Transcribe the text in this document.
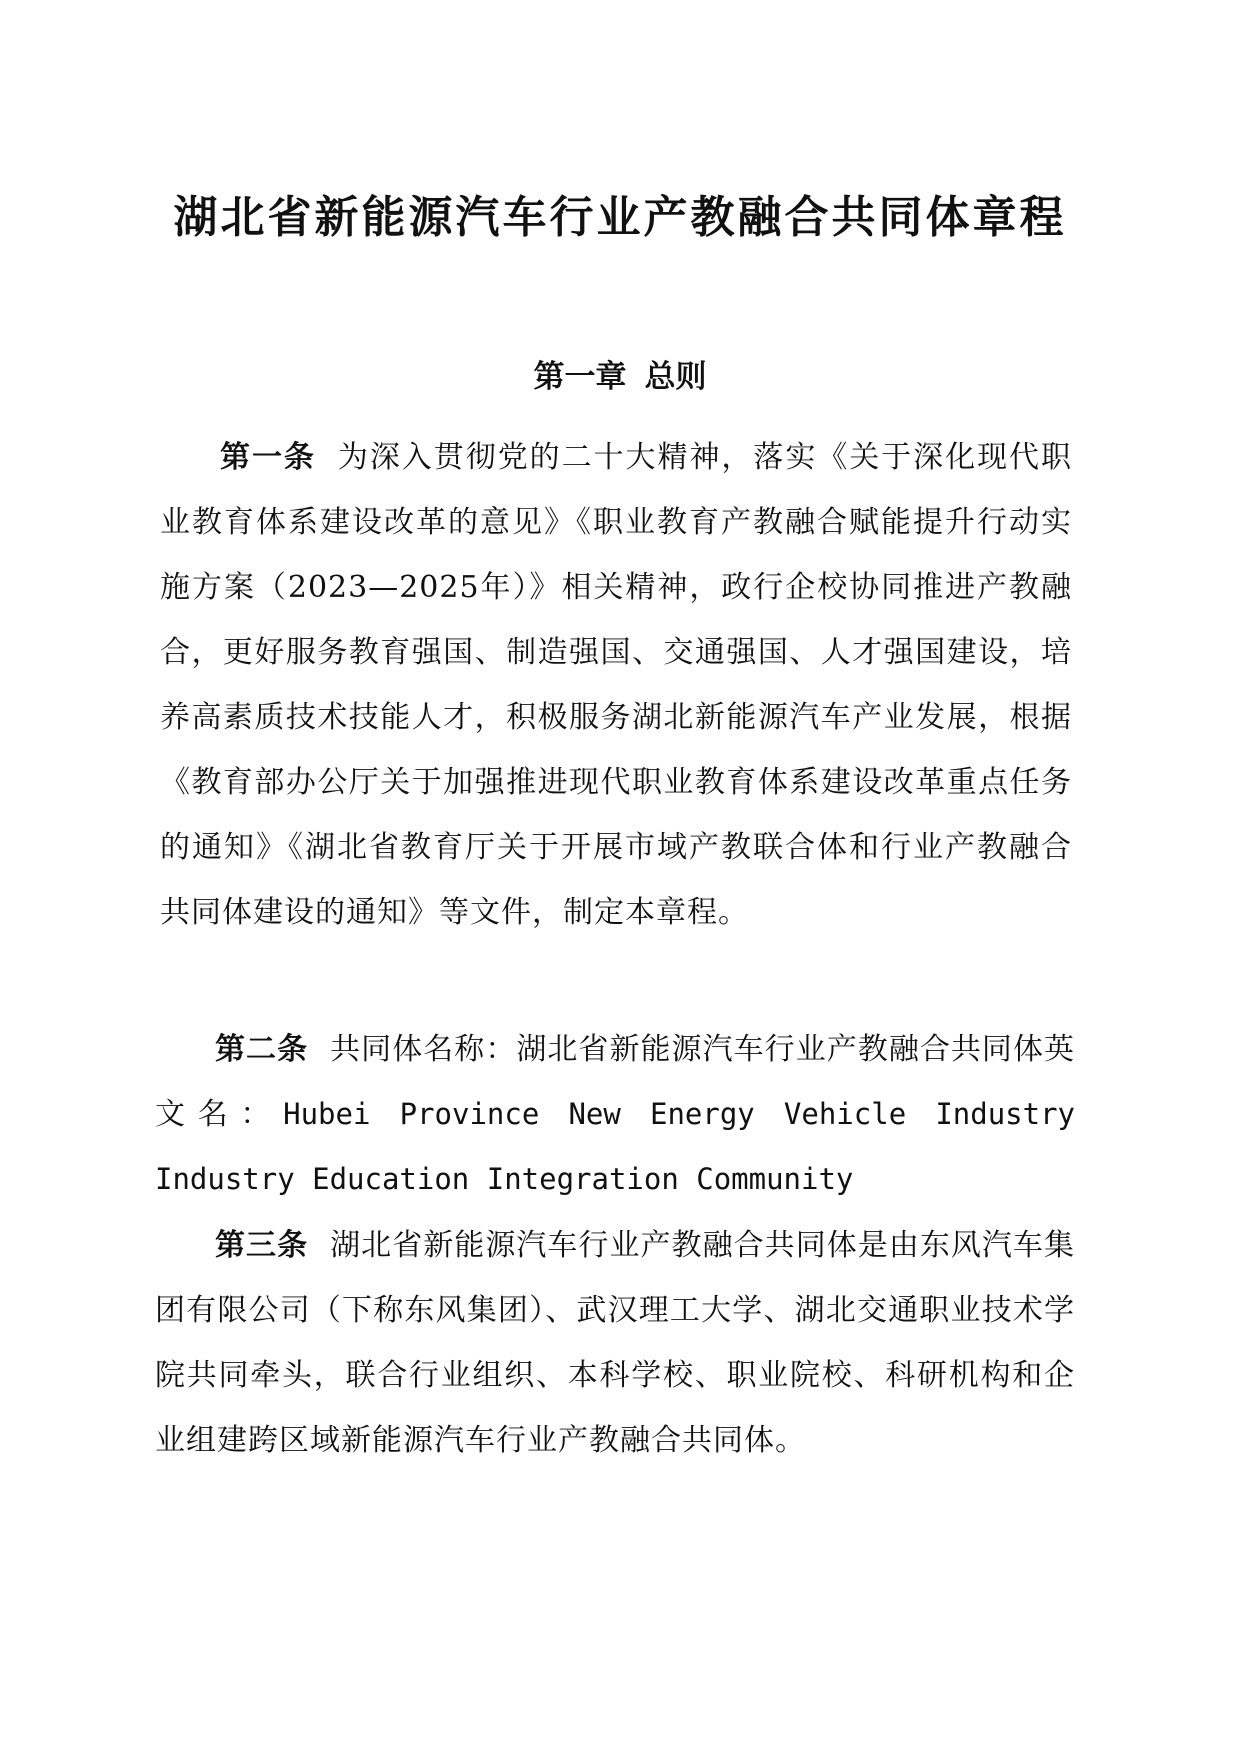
湖北省新能源汽车行业产教融合共同体章程
第一章 总则

第一条 为深入贯彻党的二十大精神，落实《关于深化现代职业教育体系建设改革的意见》《职业教育产教融合赋能提升行动实施方案（2023—2025年）》相关精神，政行企校协同推进产教融合，更好服务教育强国、制造强国、交通强国、人才强国建设，培养高素质技术技能人才，积极服务湖北新能源汽车产业发展，根据《教育部办公厅关于加强推进现代职业教育体系建设改革重点任务的通知》《湖北省教育厅关于开展市域产教联合体和行业产教融合共同体建设的通知》等文件，制定本章程。

第二条 共同体名称：湖北省新能源汽车行业产教融合共同体英文名：Hubei Province New Energy Vehicle Industry Industry Education Integration Community

第三条 湖北省新能源汽车行业产教融合共同体是由东风汽车集团有限公司（下称东风集团）、武汉理工大学、湖北交通职业技术学院共同牵头，联合行业组织、本科学校、职业院校、科研机构和企业组建跨区域新能源汽车行业产教融合共同体。
